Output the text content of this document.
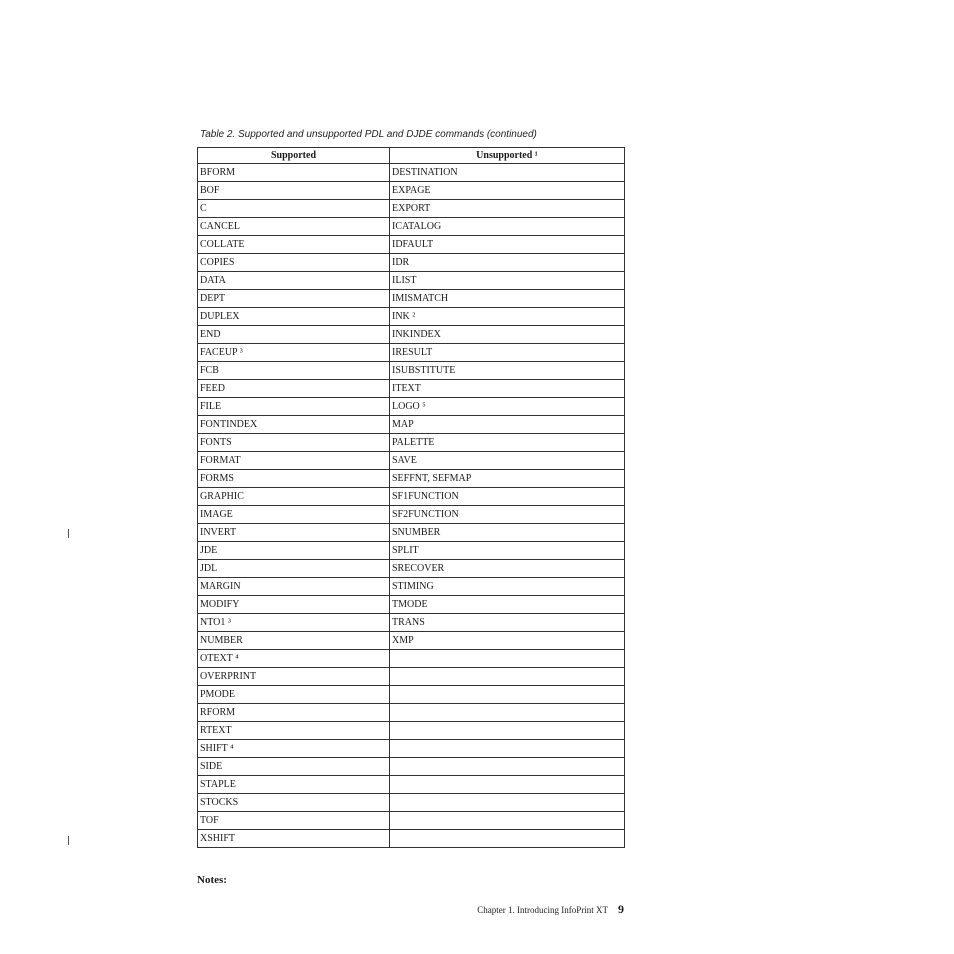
Table 2. Supported and unsupported PDL and DJDE commands (continued)
Supported	Unsupported ¹
BFORM	DESTINATION
BOF	EXPAGE
C	EXPORT
CANCEL	ICATALOG
COLLATE	IDFAULT
COPIES	IDR
DATA	ILIST
DEPT	IMISMATCH
DUPLEX	INK ²
END	INKINDEX
FACEUP ³	IRESULT
FCB	ISUBSTITUTE
FEED	ITEXT
FILE	LOGO ⁵
FONTINDEX	MAP
FONTS	PALETTE
FORMAT	SAVE
FORMS	SEFFNT, SEFMAP
GRAPHIC	SF1FUNCTION
IMAGE	SF2FUNCTION
INVERT	SNUMBER
JDE	SPLIT
JDL	SRECOVER
MARGIN	STIMING
MODIFY	TMODE
NTO1 ³	TRANS
NUMBER	XMP
OTEXT ⁴	
OVERPRINT	
PMODE	
RFORM	
RTEXT	
SHIFT ⁴	
SIDE	
STAPLE	
STOCKS	
TOF	
XSHIFT	
Notes:
Chapter 1. Introducing InfoPrint XT 9
